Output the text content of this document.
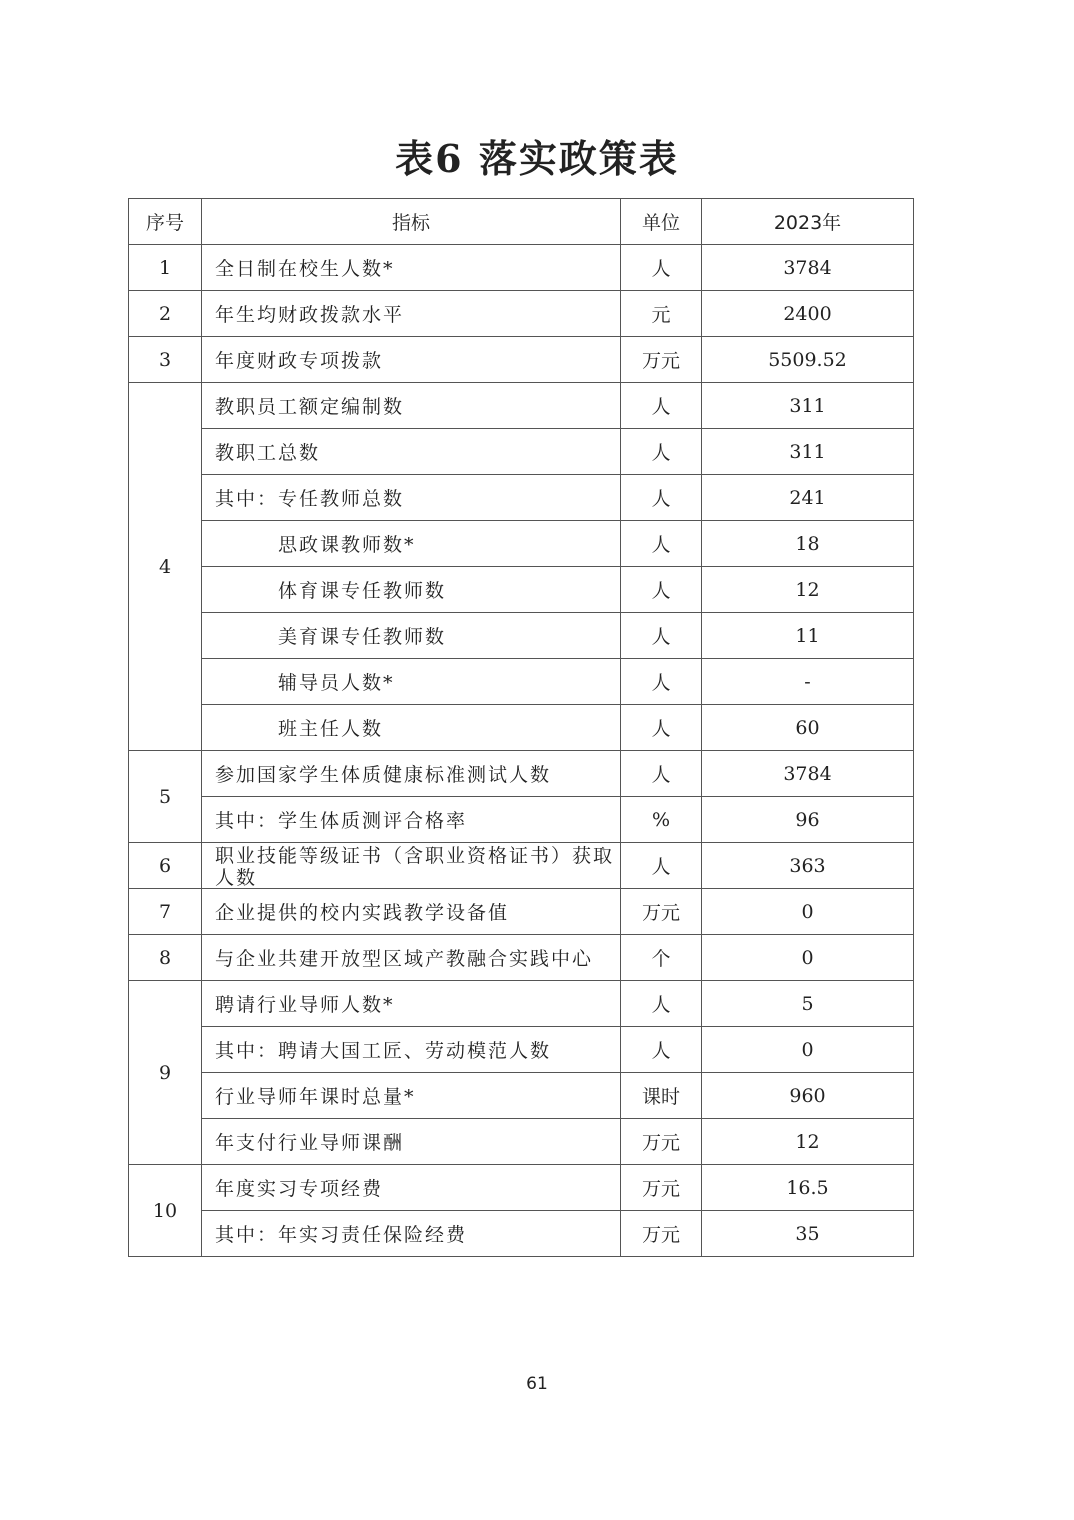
表6 落实政策表
序号	指标	单位	2023年
1	全日制在校生人数*	人	3784
2	年生均财政拨款水平	元	2400
3	年度财政专项拨款	万元	5509.52
4	教职员工额定编制数	人	311
	教职工总数	人	311
	其中：专任教师总数	人	241
	思政课教师数*	人	18
	体育课专任教师数	人	12
	美育课专任教师数	人	11
	辅导员人数*	人	-
	班主任人数	人	60
5	参加国家学生体质健康标准测试人数	人	3784
	其中：学生体质测评合格率	%	96
6	职业技能等级证书（含职业资格证书）获取人数	人	363
7	企业提供的校内实践教学设备值	万元	0
8	与企业共建开放型区域产教融合实践中心	个	0
9	聘请行业导师人数*	人	5
	其中：聘请大国工匠、劳动模范人数	人	0
	行业导师年课时总量*	课时	960
	年支付行业导师课酬	万元	12
10	年度实习专项经费	万元	16.5
	其中：年实习责任保险经费	万元	35
61
